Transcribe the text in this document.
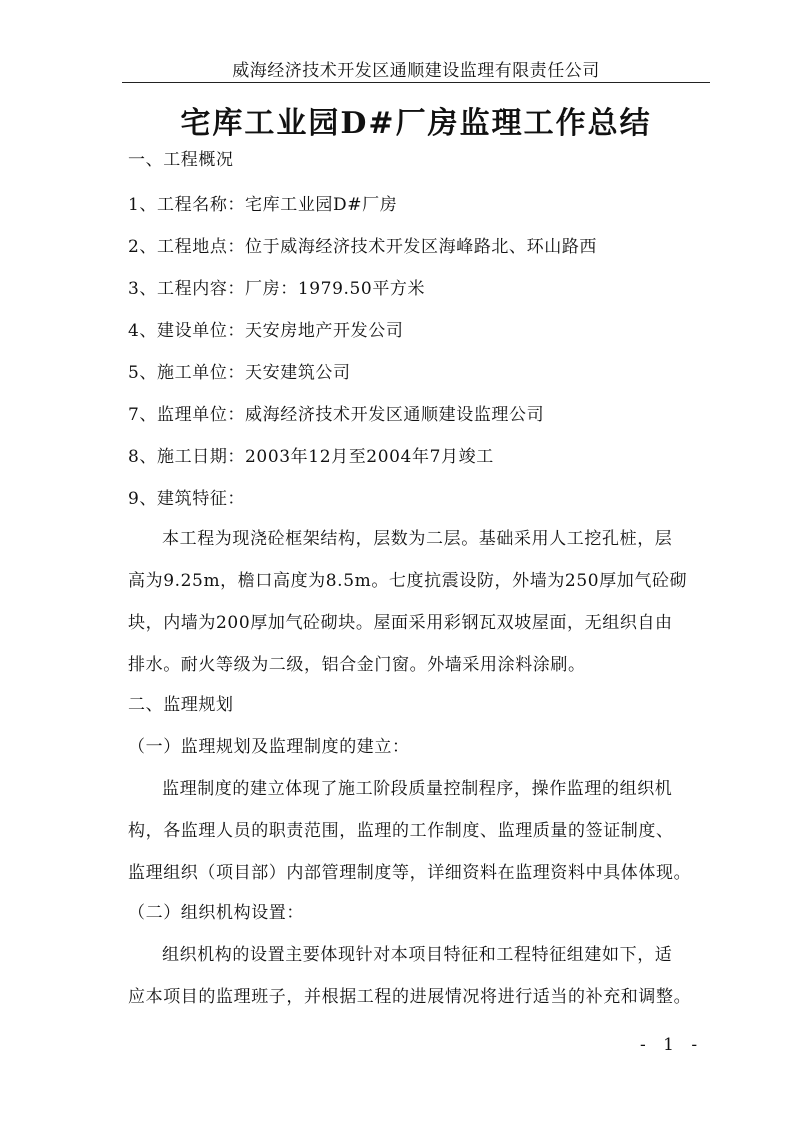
威海经济技术开发区通顺建设监理有限责任公司
宅库工业园D#厂房监理工作总结
一、工程概况
1、工程名称：宅库工业园D#厂房
2、工程地点：位于威海经济技术开发区海峰路北、环山路西
3、工程内容：厂房：1979.50平方米
4、建设单位：天安房地产开发公司
5、施工单位：天安建筑公司
7、监理单位：威海经济技术开发区通顺建设监理公司
8、施工日期：2003年12月至2004年7月竣工
9、建筑特征：
本工程为现浇砼框架结构，层数为二层。基础采用人工挖孔桩，层
高为9.25m，檐口高度为8.5m。七度抗震设防，外墙为250厚加气砼砌
块，内墙为200厚加气砼砌块。屋面采用彩钢瓦双坡屋面，无组织自由
排水。耐火等级为二级，铝合金门窗。外墙采用涂料涂刷。
二、监理规划
（一）监理规划及监理制度的建立：
监理制度的建立体现了施工阶段质量控制程序，操作监理的组织机
构，各监理人员的职责范围，监理的工作制度、监理质量的签证制度、
监理组织（项目部）内部管理制度等，详细资料在监理资料中具体体现。
（二）组织机构设置：
组织机构的设置主要体现针对本项目特征和工程特征组建如下，适
应本项目的监理班子，并根据工程的进展情况将进行适当的补充和调整。
- 1 -
